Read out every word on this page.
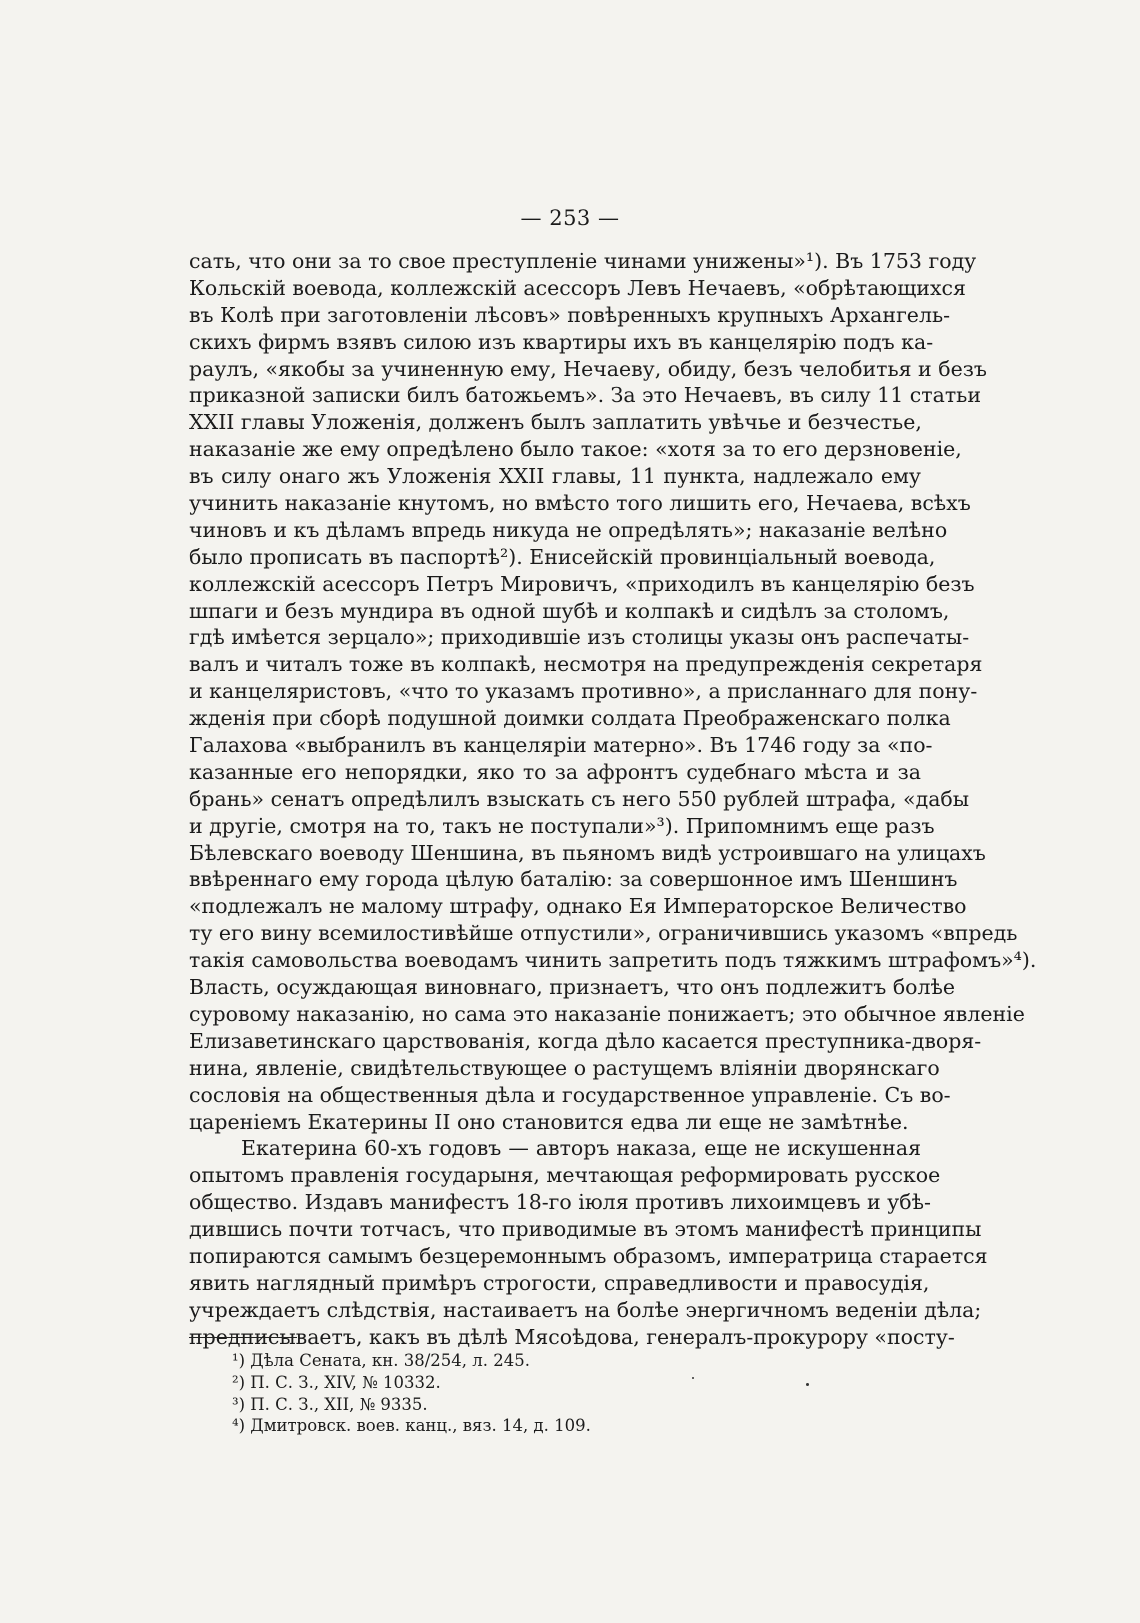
— 253 —
сать, что они за то свое преступленіе чинами унижены»¹). Въ 1753 году
Кольскій воевода, коллежскій асессоръ Левъ Нечаевъ, «обрѣтающихся
въ Колѣ при заготовленіи лѣсовъ» повѣренныхъ крупныхъ Архангель-
скихъ фирмъ взявъ силою изъ квартиры ихъ въ канцелярію подъ ка-
раулъ, «якобы за учиненную ему, Нечаеву, обиду, безъ челобитья и безъ
приказной записки билъ батожьемъ». За это Нечаевъ, въ силу 11 статьи
XXII главы Уложенія, долженъ былъ заплатить увѣчье и безчестье,
наказаніе же ему опредѣлено было такое: «хотя за то его дерзновеніе,
въ силу онаго жъ Уложенія XXII главы, 11 пункта, надлежало ему
учинить наказаніе кнутомъ, но вмѣсто того лишить его, Нечаева, всѣхъ
чиновъ и къ дѣламъ впредь никуда не опредѣлять»; наказаніе велѣно
было прописать въ паспортѣ²). Енисейскій провинціальный воевода,
коллежскій асессоръ Петръ Мировичъ, «приходилъ въ канцелярію безъ
шпаги и безъ мундира въ одной шубѣ и колпакѣ и сидѣлъ за столомъ,
гдѣ имѣется зерцало»; приходившіе изъ столицы указы онъ распечаты-
валъ и читалъ тоже въ колпакѣ, несмотря на предупрежденія секретаря
и канцеляристовъ, «что то указамъ противно», а присланнаго для пону-
жденія при сборѣ подушной доимки солдата Преображенскаго полка
Галахова «выбранилъ въ канцеляріи матерно». Въ 1746 году за «по-
казанные его непорядки, яко то за афронтъ судебнаго мѣста и за
брань» сенатъ опредѣлилъ взыскать съ него 550 рублей штрафа, «дабы
и другіе, смотря на то, такъ не поступали»³). Припомнимъ еще разъ
Бѣлевскаго воеводу Шеншина, въ пьяномъ видѣ устроившаго на улицахъ
ввѣреннаго ему города цѣлую баталію: за совершонное имъ Шеншинъ
«подлежалъ не малому штрафу, однако Ея Императорское Величество
ту его вину всемилостивѣйше отпустили», ограничившись указомъ «впредь
такія самовольства воеводамъ чинить запретить подъ тяжкимъ штрафомъ»⁴).
Власть, осуждающая виновнаго, признаетъ, что онъ подлежитъ болѣе
суровому наказанію, но сама это наказаніе понижаетъ; это обычное явленіе
Елизаветинскаго царствованія, когда дѣло касается преступника-дворя-
нина, явленіе, свидѣтельствующее о растущемъ вліяніи дворянскаго
сословія на общественныя дѣла и государственное управленіе. Съ во-
цареніемъ Екатерины II оно становится едва ли еще не замѣтнѣе.
Екатерина 60-хъ годовъ — авторъ наказа, еще не искушенная
опытомъ правленія государыня, мечтающая реформировать русское
общество. Издавъ манифестъ 18-го іюля противъ лихоимцевъ и убѣ-
дившись почти тотчасъ, что приводимые въ этомъ манифестѣ принципы
попираются самымъ безцеремоннымъ образомъ, императрица старается
явить наглядный примѣръ строгости, справедливости и правосудія,
учреждаетъ слѣдствія, настаиваетъ на болѣе энергичномъ веденіи дѣла;
предписываетъ, какъ въ дѣлѣ Мясоѣдова, генералъ-прокурору «посту-
¹) Дѣла Сената, кн. 38/254, л. 245.
²) П. С. З., XIV, № 10332.
³) П. С. З., XII, № 9335.
⁴) Дмитровск. воев. канц., вяз. 14, д. 109.
